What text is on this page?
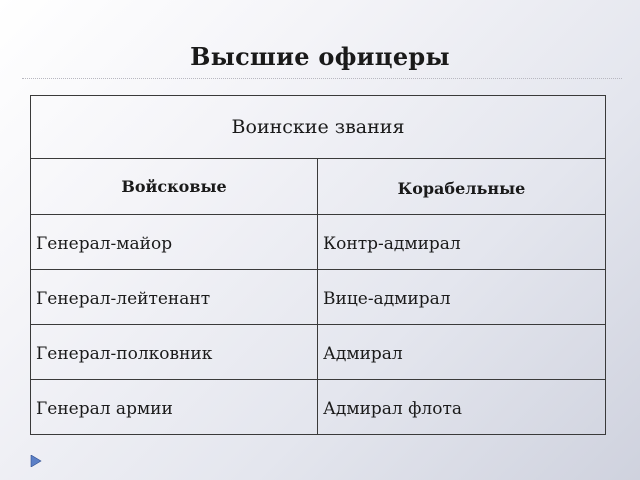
Высшие офицеры
Воинские звания	

Войсковые	Корабельные

Генерал-майор	Контр-адмирал

Генерал-лейтенант	Вице-адмирал

Генерал-полковник	Адмирал

Генерал армии	Адмирал флота
